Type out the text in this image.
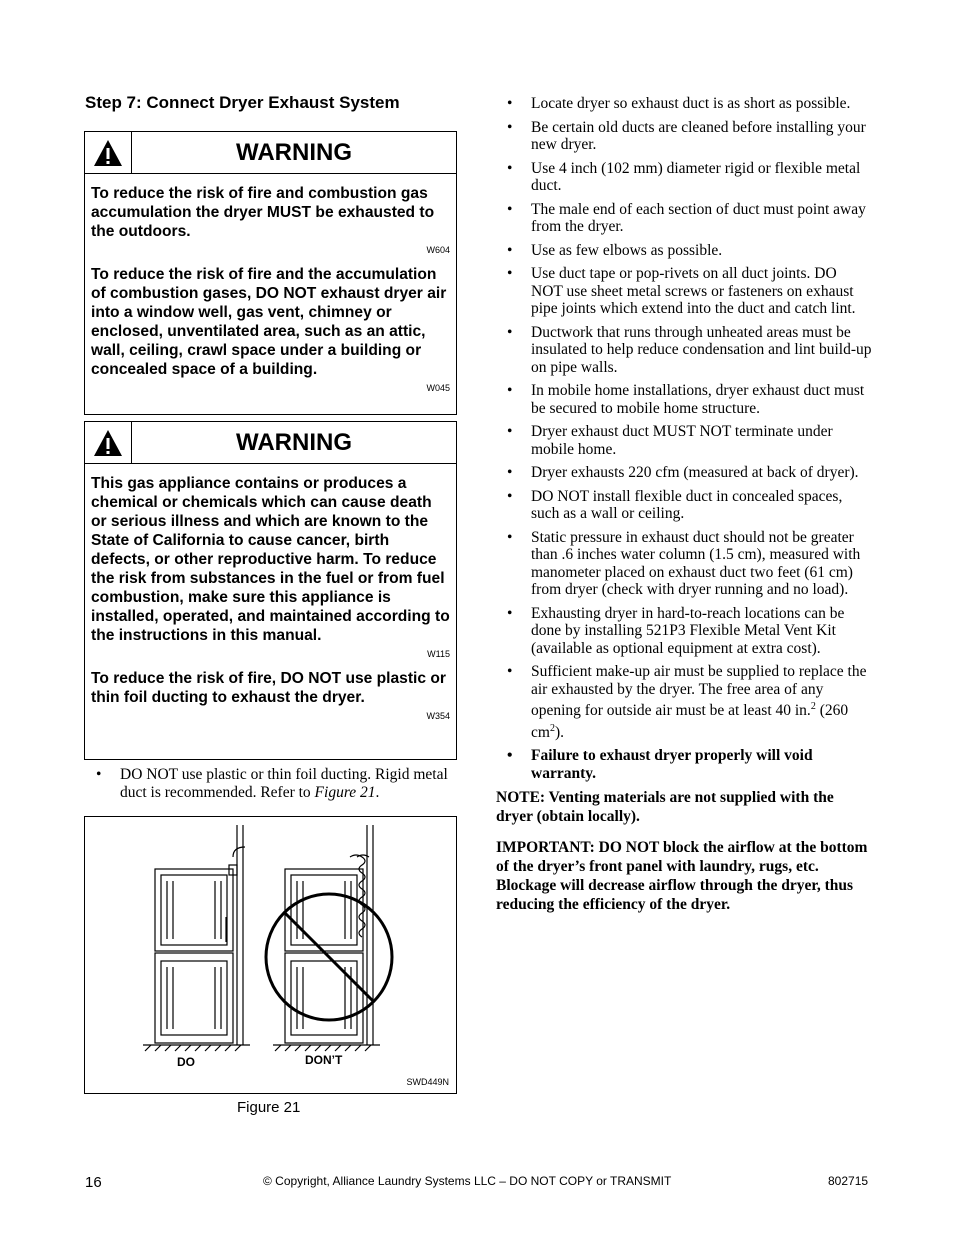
Step 7: Connect Dryer Exhaust System
WARNING
To reduce the risk of fire and combustion gas accumulation the dryer MUST be exhausted to the outdoors.
W604
To reduce the risk of fire and the accumulation of combustion gases, DO NOT exhaust dryer air into a window well, gas vent, chimney or enclosed, unventilated area, such as an attic, wall, ceiling, crawl space under a building or concealed space of a building.
W045
WARNING
This gas appliance contains or produces a chemical or chemicals which can cause death or serious illness and which are known to the State of California to cause cancer, birth defects, or other reproductive harm. To reduce the risk from substances in the fuel or from fuel combustion, make sure this appliance is installed, operated, and maintained according to the instructions in this manual.
W115
To reduce the risk of fire, DO NOT use plastic or thin foil ducting to exhaust the dryer.
W354
• DO NOT use plastic or thin foil ducting. Rigid metal duct is recommended. Refer to Figure 21.
DO	DON’T
SWD449N
Figure 21
• Locate dryer so exhaust duct is as short as possible.
• Be certain old ducts are cleaned before installing your new dryer.
• Use 4 inch (102 mm) diameter rigid or flexible metal duct.
• The male end of each section of duct must point away from the dryer.
• Use as few elbows as possible.
• Use duct tape or pop-rivets on all duct joints. DO NOT use sheet metal screws or fasteners on exhaust pipe joints which extend into the duct and catch lint.
• Ductwork that runs through unheated areas must be insulated to help reduce condensation and lint build-up on pipe walls.
• In mobile home installations, dryer exhaust duct must be secured to mobile home structure.
• Dryer exhaust duct MUST NOT terminate under mobile home.
• Dryer exhausts 220 cfm (measured at back of dryer).
• DO NOT install flexible duct in concealed spaces, such as a wall or ceiling.
• Static pressure in exhaust duct should not be greater than .6 inches water column (1.5 cm), measured with manometer placed on exhaust duct two feet (61 cm) from dryer (check with dryer running and no load).
• Exhausting dryer in hard-to-reach locations can be done by installing 521P3 Flexible Metal Vent Kit (available as optional equipment at extra cost).
• Sufficient make-up air must be supplied to replace the air exhausted by the dryer. The free area of any opening for outside air must be at least 40 in.$^2$ (260 $cm^2$).
• Failure to exhaust dryer properly will void warranty.
NOTE: Venting materials are not supplied with the dryer (obtain locally).
IMPORTANT: DO NOT block the airflow at the bottom of the dryer’s front panel with laundry, rugs, etc. Blockage will decrease airflow through the dryer, thus reducing the efficiency of the dryer.
16	© Copyright, Alliance Laundry Systems LLC – DO NOT COPY or TRANSMIT	802715
